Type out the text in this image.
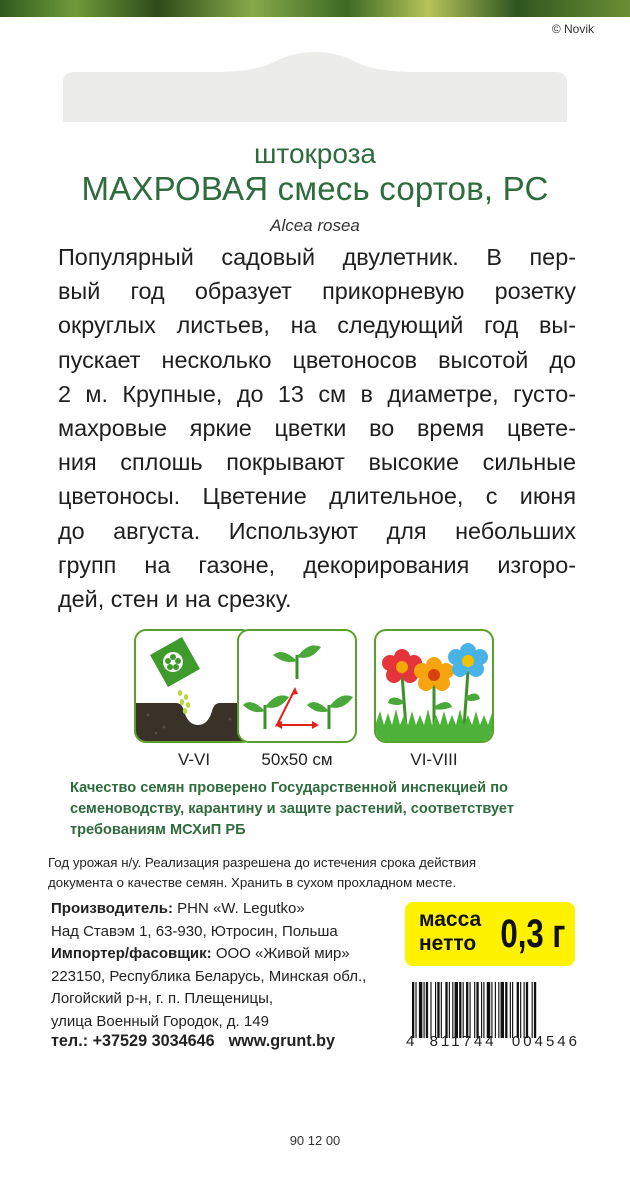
© Novik
штокроза
МАХРОВАЯ смесь сортов, РС
Alcea rosea
Популярный садовый двулетник. В пер-
вый год образует прикорневую розетку
округлых листьев, на следующий год вы-
пускает несколько цветоносов высотой до
2 м. Крупные, до 13 см в диаметре, густо-
махровые яркие цветки во время цвете-
ния сплошь покрывают высокие сильные
цветоносы. Цветение длительное, с июня
до августа. Используют для небольших
групп на газоне, декорирования изгоро-
дей, стен и на срезку.
V-VI	50x50 см	VI-VIII

Качество семян проверено Государственной инспекцией по семеноводству, карантину и защите растений, соответствует требованиям МСХиП РБ

Год урожая н/у. Реализация разрешена до истечения срока действия документа о качестве семян. Хранить в сухом прохладном месте.

Производитель: PHN «W. Legutko»
Над Ставэм 1, 63-930, Ютросин, Польша
Импортер/фасовщик: ООО «Живой мир»
223150, Республика Беларусь, Минская обл.,
Логойский р-н, г. п. Плещеницы,
улица Военный Городок, д. 149
тел.: +37529 3034646 www.grunt.by
масса
нетто 0,3 г
4 811744 004546
90 12 00
